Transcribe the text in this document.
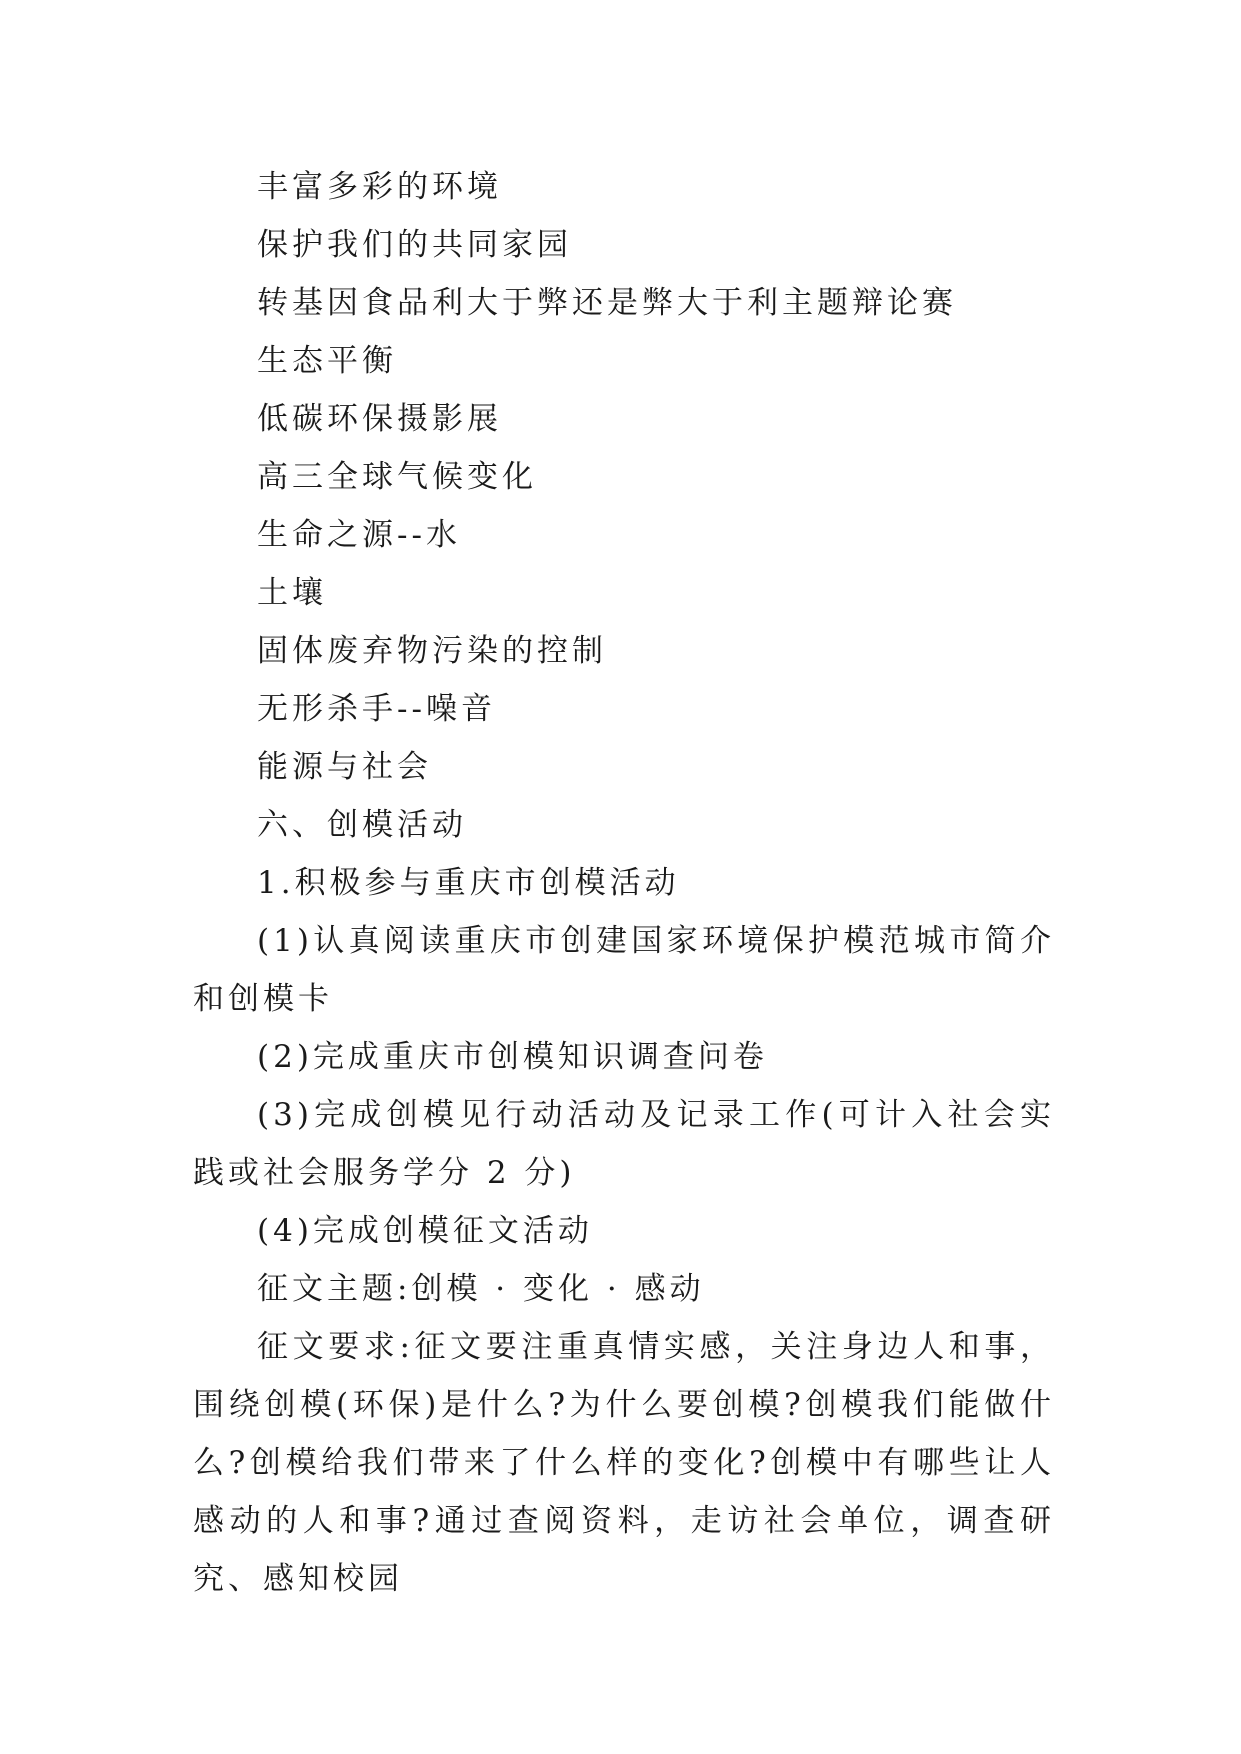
丰富多彩的环境
保护我们的共同家园
转基因食品利大于弊还是弊大于利主题辩论赛
生态平衡
低碳环保摄影展
高三全球气候变化
生命之源--水
土壤
固体废弃物污染的控制
无形杀手--噪音
能源与社会
六、创模活动
1.积极参与重庆市创模活动
(1)认真阅读重庆市创建国家环境保护模范城市简介和创模卡
(2)完成重庆市创模知识调查问卷
(3)完成创模见行动活动及记录工作(可计入社会实践或社会服务学分 2 分)
(4)完成创模征文活动
征文主题:创模 · 变化 · 感动
征文要求:征文要注重真情实感，关注身边人和事，围绕创模(环保)是什么?为什么要创模?创模我们能做什么?创模给我们带来了什么样的变化?创模中有哪些让人感动的人和事?通过查阅资料，走访社会单位，调查研究、感知校园
